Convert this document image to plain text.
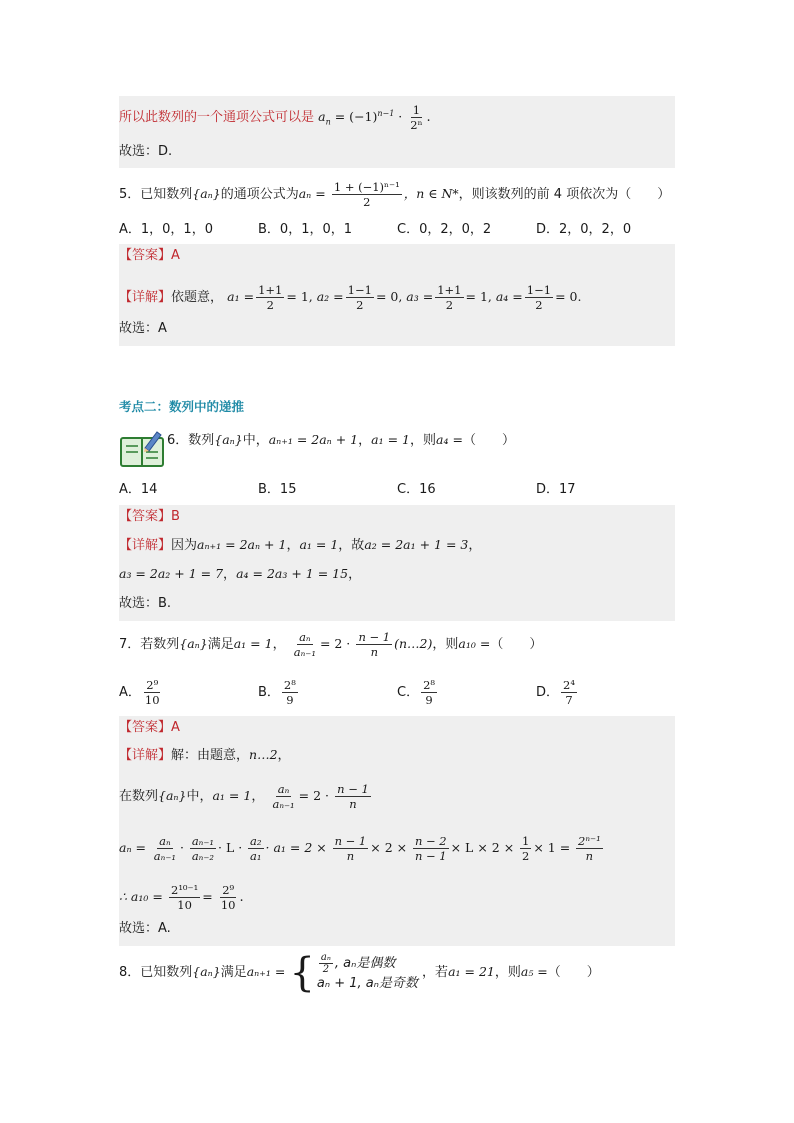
所以此数列的一个通项公式可以是 $a_n = (-1)^{n-1} \cdot \frac{1}{\text{2ⁿ}}$ .
故选：D.
5．已知数列{aₙ}的通项公式为$a_n = \frac{\text{1 + (−1)ⁿ⁻¹}}{2}$ ，n ∈ N*，则该数列的前 4 项依次为（　　）
A．1，0，1，0	B．0，1，0，1	C．0，2，0，2	D．2，0，2，0
【答案】A
【详解】依题意， $a_1 = \frac{1+1}{2} = 1$, $a_2 = \frac{1-1}{2} = 0$, $a_3 = \frac{1+1}{2} = 1$, $a_4 = \frac{1-1}{2} = 0$.
故选：A
考点二：数列中的递推
6．数列{aₙ}中，aₙ₊₁ = 2aₙ + 1，a₁ = 1，则a₄ =（　　）
A．14	B．15	C．16	D．17
【答案】B
【详解】因为aₙ₊₁ = 2aₙ + 1，a₁ = 1，故a₂ = 2a₁ + 1 = 3，
a₃ = 2a₂ + 1 = 7，a₄ = 2a₃ + 1 = 15，
故选：B.
7．若数列{aₙ}满足a₁ = 1， $\frac{\text{aₙ}}{\text{aₙ₋₁}} = 2 \cdot \frac{n - 1}{n}$ (n…2)，则a₁₀ =（　　）
A． $\frac{\text{2⁹}}{10}$	B． $\frac{\text{2⁸}}{9}$	C． $\frac{\text{2⁸}}{9}$	D． $\frac{\text{2⁴}}{7}$
【答案】A
【详解】解：由题意，n…2，
在数列{aₙ}中，a₁ = 1， $\frac{\text{aₙ}}{\text{aₙ₋₁}} = 2 \cdot \frac{n - 1}{n}$
$a_n = \frac{\text{aₙ}}{\text{aₙ₋₁}} \cdot \frac{\text{aₙ₋₁}}{\text{aₙ₋₂}} \cdot L \cdot \frac{\text{a₂}}{\text{a₁}} \cdot a_1 = 2 \times \frac{n - 1}{n} \times 2 \times \frac{n - 2}{n - 1} \times L \times 2 \times \frac{1}{2} \times 1 = \frac{\text{2ⁿ⁻¹}}{n}$
∴ $a_{10} = \frac{\text{2¹⁰⁻¹}}{10} = \frac{\text{2⁹}}{10}$ .
故选：A.
8．已知数列{aₙ}满足aₙ₊₁ = { $\frac{\text{aₙ}}{2}$ , aₙ是偶数
aₙ + 1, aₙ是奇数
，若a₁ = 21，则a₅ =（　　）
